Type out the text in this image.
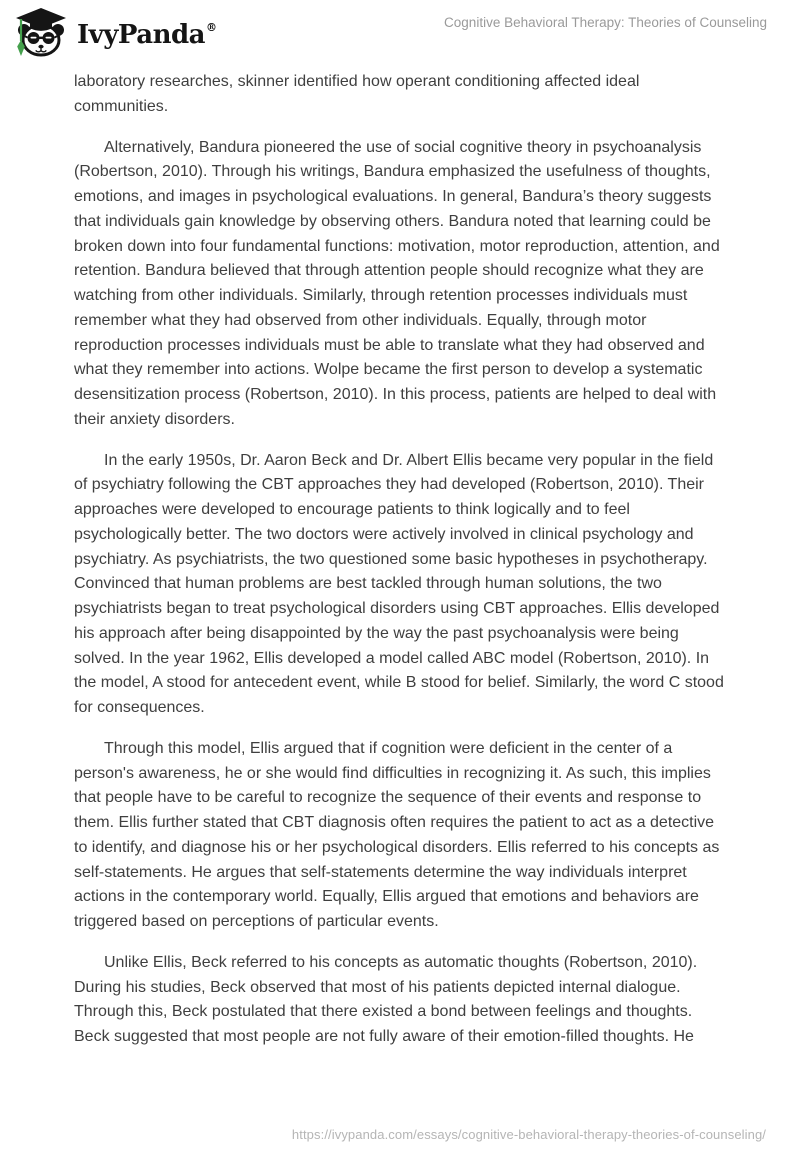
IvyPanda®	Cognitive Behavioral Therapy: Theories of Counseling

laboratory researches, skinner identified how operant conditioning affected ideal communities.

Alternatively, Bandura pioneered the use of social cognitive theory in psychoanalysis (Robertson, 2010). Through his writings, Bandura emphasized the usefulness of thoughts, emotions, and images in psychological evaluations. In general, Bandura’s theory suggests that individuals gain knowledge by observing others. Bandura noted that learning could be broken down into four fundamental functions: motivation, motor reproduction, attention, and retention. Bandura believed that through attention people should recognize what they are watching from other individuals. Similarly, through retention processes individuals must remember what they had observed from other individuals. Equally, through motor reproduction processes individuals must be able to translate what they had observed and what they remember into actions. Wolpe became the first person to develop a systematic desensitization process (Robertson, 2010). In this process, patients are helped to deal with their anxiety disorders.

In the early 1950s, Dr. Aaron Beck and Dr. Albert Ellis became very popular in the field of psychiatry following the CBT approaches they had developed (Robertson, 2010). Their approaches were developed to encourage patients to think logically and to feel psychologically better. The two doctors were actively involved in clinical psychology and psychiatry. As psychiatrists, the two questioned some basic hypotheses in psychotherapy. Convinced that human problems are best tackled through human solutions, the two psychiatrists began to treat psychological disorders using CBT approaches. Ellis developed his approach after being disappointed by the way the past psychoanalysis were being solved. In the year 1962, Ellis developed a model called ABC model (Robertson, 2010). In the model, A stood for antecedent event, while B stood for belief. Similarly, the word C stood for consequences.

Through this model, Ellis argued that if cognition were deficient in the center of a person's awareness, he or she would find difficulties in recognizing it. As such, this implies that people have to be careful to recognize the sequence of their events and response to them. Ellis further stated that CBT diagnosis often requires the patient to act as a detective to identify, and diagnose his or her psychological disorders. Ellis referred to his concepts as self-statements. He argues that self-statements determine the way individuals interpret actions in the contemporary world. Equally, Ellis argued that emotions and behaviors are triggered based on perceptions of particular events.

Unlike Ellis, Beck referred to his concepts as automatic thoughts (Robertson, 2010). During his studies, Beck observed that most of his patients depicted internal dialogue. Through this, Beck postulated that there existed a bond between feelings and thoughts. Beck suggested that most people are not fully aware of their emotion-filled thoughts. He

https://ivypanda.com/essays/cognitive-behavioral-therapy-theories-of-counseling/
